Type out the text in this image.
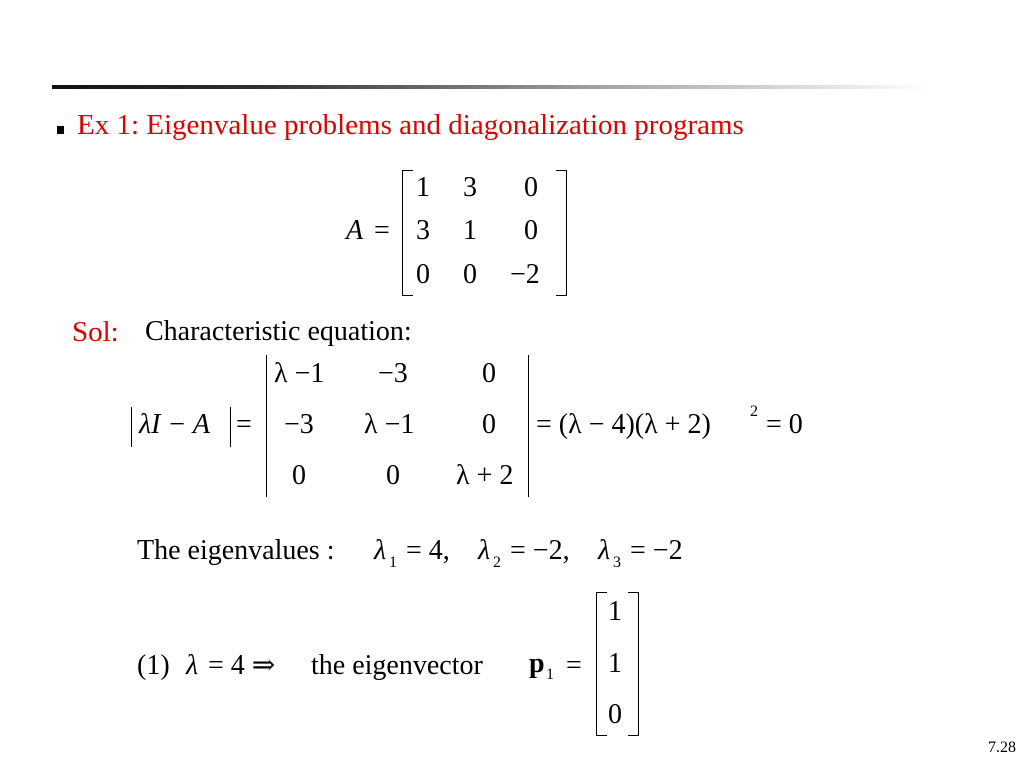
Ex 1: Eigenvalue problems and diagonalization programs
A =
1 3 0
3 1 0
0 0 −2
Sol: Characteristic equation:
λI − A =
λ −1 −3	0
−3 λ −1 0
0	0 λ + 2
= (λ − 4)(λ + 2) 2 = 0
The eigenvalues : λ 1 = 4, λ 2 = −2, λ 3 = −2
(1) λ = 4 ⇒ the eigenvector p 1 =
1
1
0
7.28
